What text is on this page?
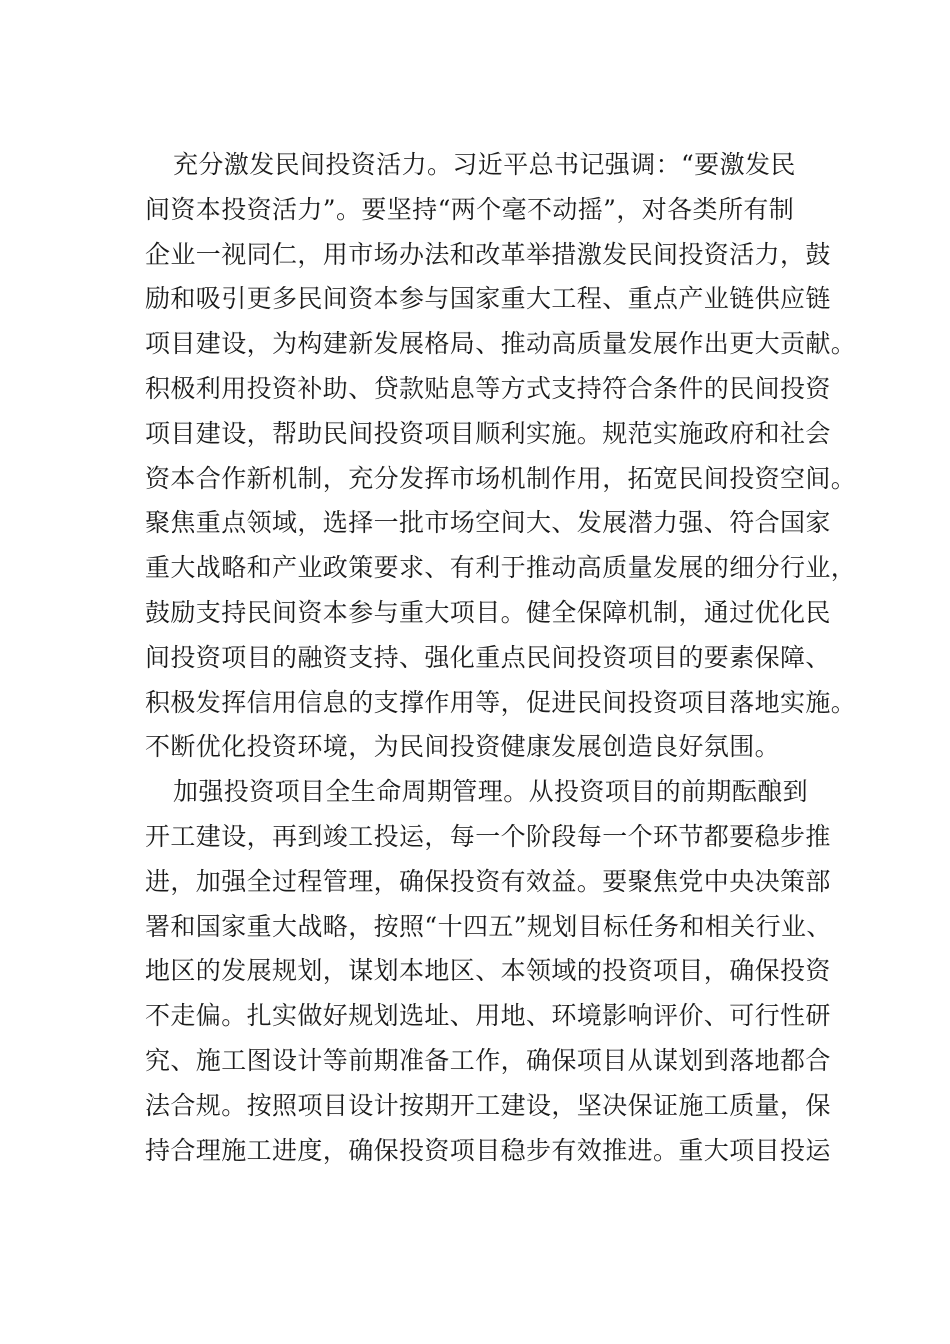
充分激发民间投资活力。习近平总书记强调：“要激发民
间资本投资活力”。要坚持“两个毫不动摇”，对各类所有制
企业一视同仁，用市场办法和改革举措激发民间投资活力，鼓
励和吸引更多民间资本参与国家重大工程、重点产业链供应链
项目建设，为构建新发展格局、推动高质量发展作出更大贡献。
积极利用投资补助、贷款贴息等方式支持符合条件的民间投资
项目建设，帮助民间投资项目顺利实施。规范实施政府和社会
资本合作新机制，充分发挥市场机制作用，拓宽民间投资空间。
聚焦重点领域，选择一批市场空间大、发展潜力强、符合国家
重大战略和产业政策要求、有利于推动高质量发展的细分行业，
鼓励支持民间资本参与重大项目。健全保障机制，通过优化民
间投资项目的融资支持、强化重点民间投资项目的要素保障、
积极发挥信用信息的支撑作用等，促进民间投资项目落地实施。
不断优化投资环境，为民间投资健康发展创造良好氛围。
加强投资项目全生命周期管理。从投资项目的前期酝酿到
开工建设，再到竣工投运，每一个阶段每一个环节都要稳步推
进，加强全过程管理，确保投资有效益。要聚焦党中央决策部
署和国家重大战略，按照“十四五”规划目标任务和相关行业、
地区的发展规划，谋划本地区、本领域的投资项目，确保投资
不走偏。扎实做好规划选址、用地、环境影响评价、可行性研
究、施工图设计等前期准备工作，确保项目从谋划到落地都合
法合规。按照项目设计按期开工建设，坚决保证施工质量，保
持合理施工进度，确保投资项目稳步有效推进。重大项目投运
